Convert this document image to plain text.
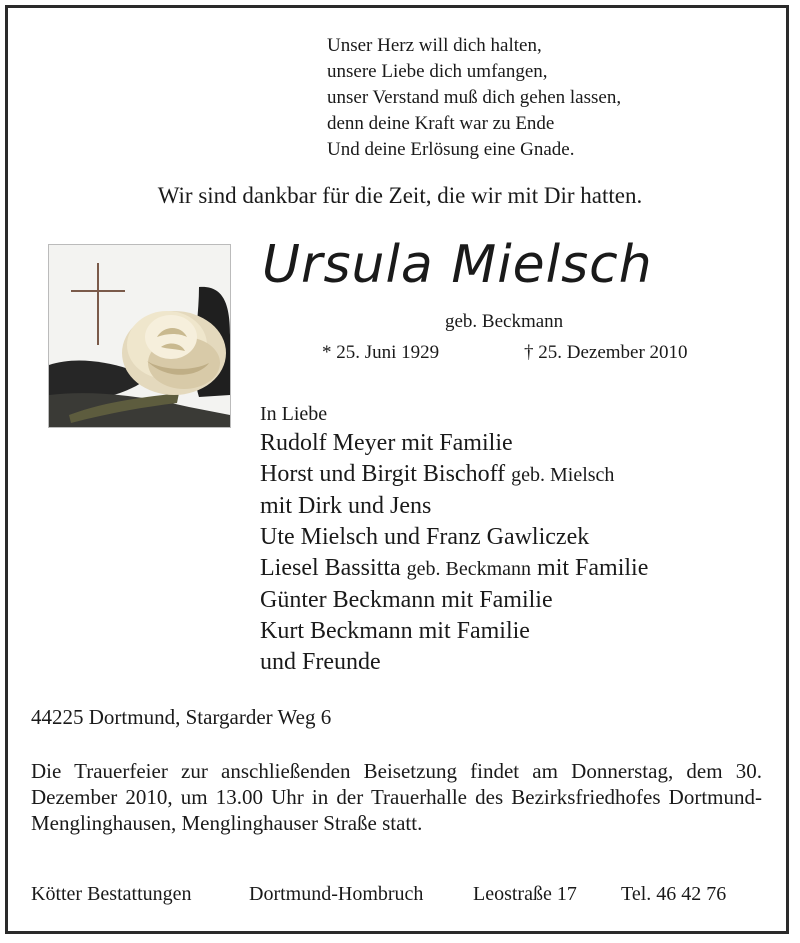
Unser Herz will dich halten,
unsere Liebe dich umfangen,
unser Verstand muß dich gehen lassen,
denn deine Kraft war zu Ende
Und deine Erlösung eine Gnade.
Wir sind dankbar für die Zeit, die wir mit Dir hatten.
Ursula Mielsch
geb. Beckmann
* 25. Juni 1929	† 25. Dezember 2010
In Liebe
Rudolf Meyer mit Familie
Horst und Birgit Bischoff geb. Mielsch
mit Dirk und Jens
Ute Mielsch und Franz Gawliczek
Liesel Bassitta geb. Beckmann mit Familie
Günter Beckmann mit Familie
Kurt Beckmann mit Familie
und Freunde
44225 Dortmund, Stargarder Weg 6
Die Trauerfeier zur anschließenden Beisetzung findet am Donnerstag, dem 30. Dezember 2010, um 13.00 Uhr in der Trauerhalle des Bezirksfriedhofes Dortmund-Menglinghausen, Menglinghauser Straße statt.
Kötter Bestattungen	Dortmund-Hombruch Leostraße 17 Tel. 46 42 76
